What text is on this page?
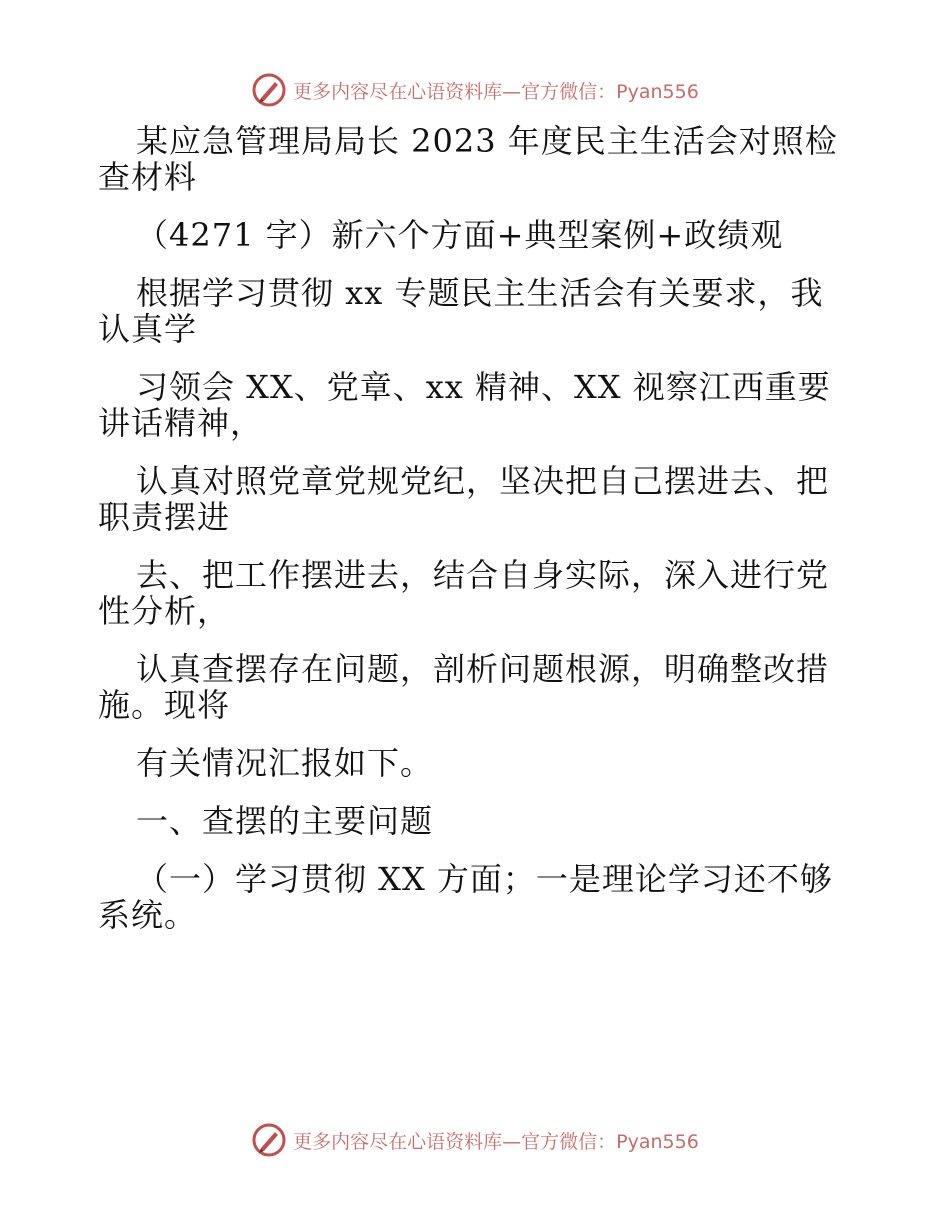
更多内容尽在心语资料库—官方微信：Pyan556

某应急管理局局长 2023 年度民主生活会对照检

查材料

（4271 字）新六个方面+典型案例+政绩观

根据学习贯彻 xx 专题民主生活会有关要求，我

认真学

习领会 XX、党章、xx 精神、XX 视察江西重要

讲话精神，

认真对照党章党规党纪，坚决把自己摆进去、把

职责摆进

去、把工作摆进去，结合自身实际，深入进行党

性分析，

认真查摆存在问题，剖析问题根源，明确整改措

施。现将

有关情况汇报如下。

一、查摆的主要问题

（一）学习贯彻 XX 方面；一是理论学习还不够

系统。

更多内容尽在心语资料库—官方微信：Pyan556
